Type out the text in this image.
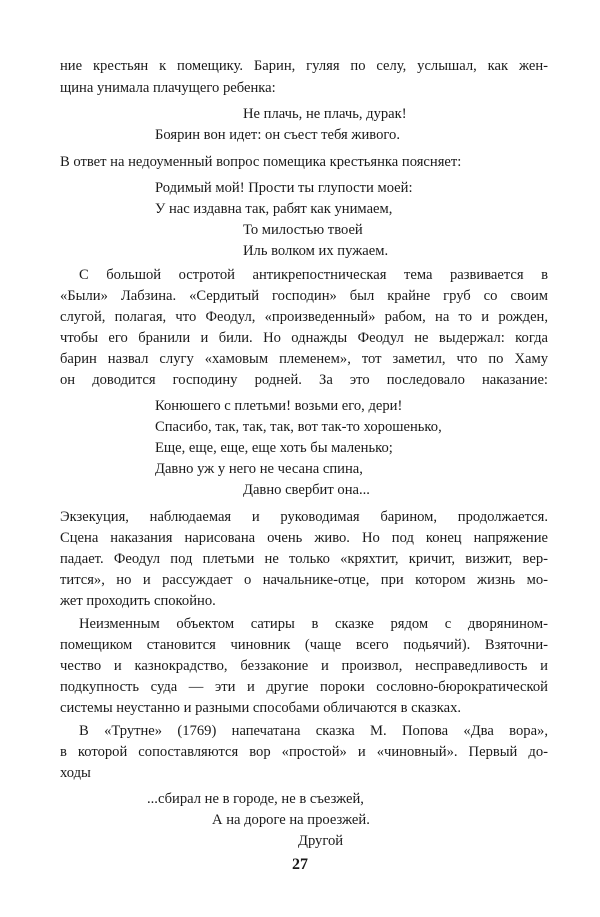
ние крестьян к помещику. Барин, гуляя по селу, услышал, как жен-
щина унимала плачущего ребенка:
Не плачь, не плачь, дурак!
Боярин вон идет: он съест тебя живого.
В ответ на недоуменный вопрос помещика крестьянка поясняет:
Родимый мой! Прости ты глупости моей:
У нас издавна так, рабят как унимаем,
То милостью твоей
Иль волком их пужаем.
С большой остротой антикрепостническая тема развивается в
«Были» Лабзина. «Сердитый господин» был крайне груб со своим
слугой, полагая, что Феодул, «произведенный» рабом, на то и рожден,
чтобы его бранили и били. Но однажды Феодул не выдержал: когда
барин назвал слугу «хамовым племенем», тот заметил, что по Хаму
он доводится господину родней. За это последовало наказание:
Конюшего с плетьми! возьми его, дери!
Спасибо, так, так, так, вот так-то хорошенько,
Еще, еще, еще, еще хоть бы маленько;
Давно уж у него не чесана спина,
Давно свербит она...
Экзекуция, наблюдаемая и руководимая барином, продолжается.
Сцена наказания нарисована очень живо. Но под конец напряжение
падает. Феодул под плетьми не только «кряхтит, кричит, визжит, вер-
тится», но и рассуждает о начальнике-отце, при котором жизнь мо-
жет проходить спокойно.
Неизменным объектом сатиры в сказке рядом с дворянином-
помещиком становится чиновник (чаще всего подьячий). Взяточни-
чество и казнокрадство, беззаконие и произвол, несправедливость и
подкупность суда — эти и другие пороки сословно-бюрократической
системы неустанно и разными способами обличаются в сказках.
В «Трутне» (1769) напечатана сказка М. Попова «Два вора»,
в которой сопоставляются вор «простой» и «чиновный». Первый до-
ходы
...сбирал не в городе, не в съезжей,
А на дороге на проезжей.
Другой
27
